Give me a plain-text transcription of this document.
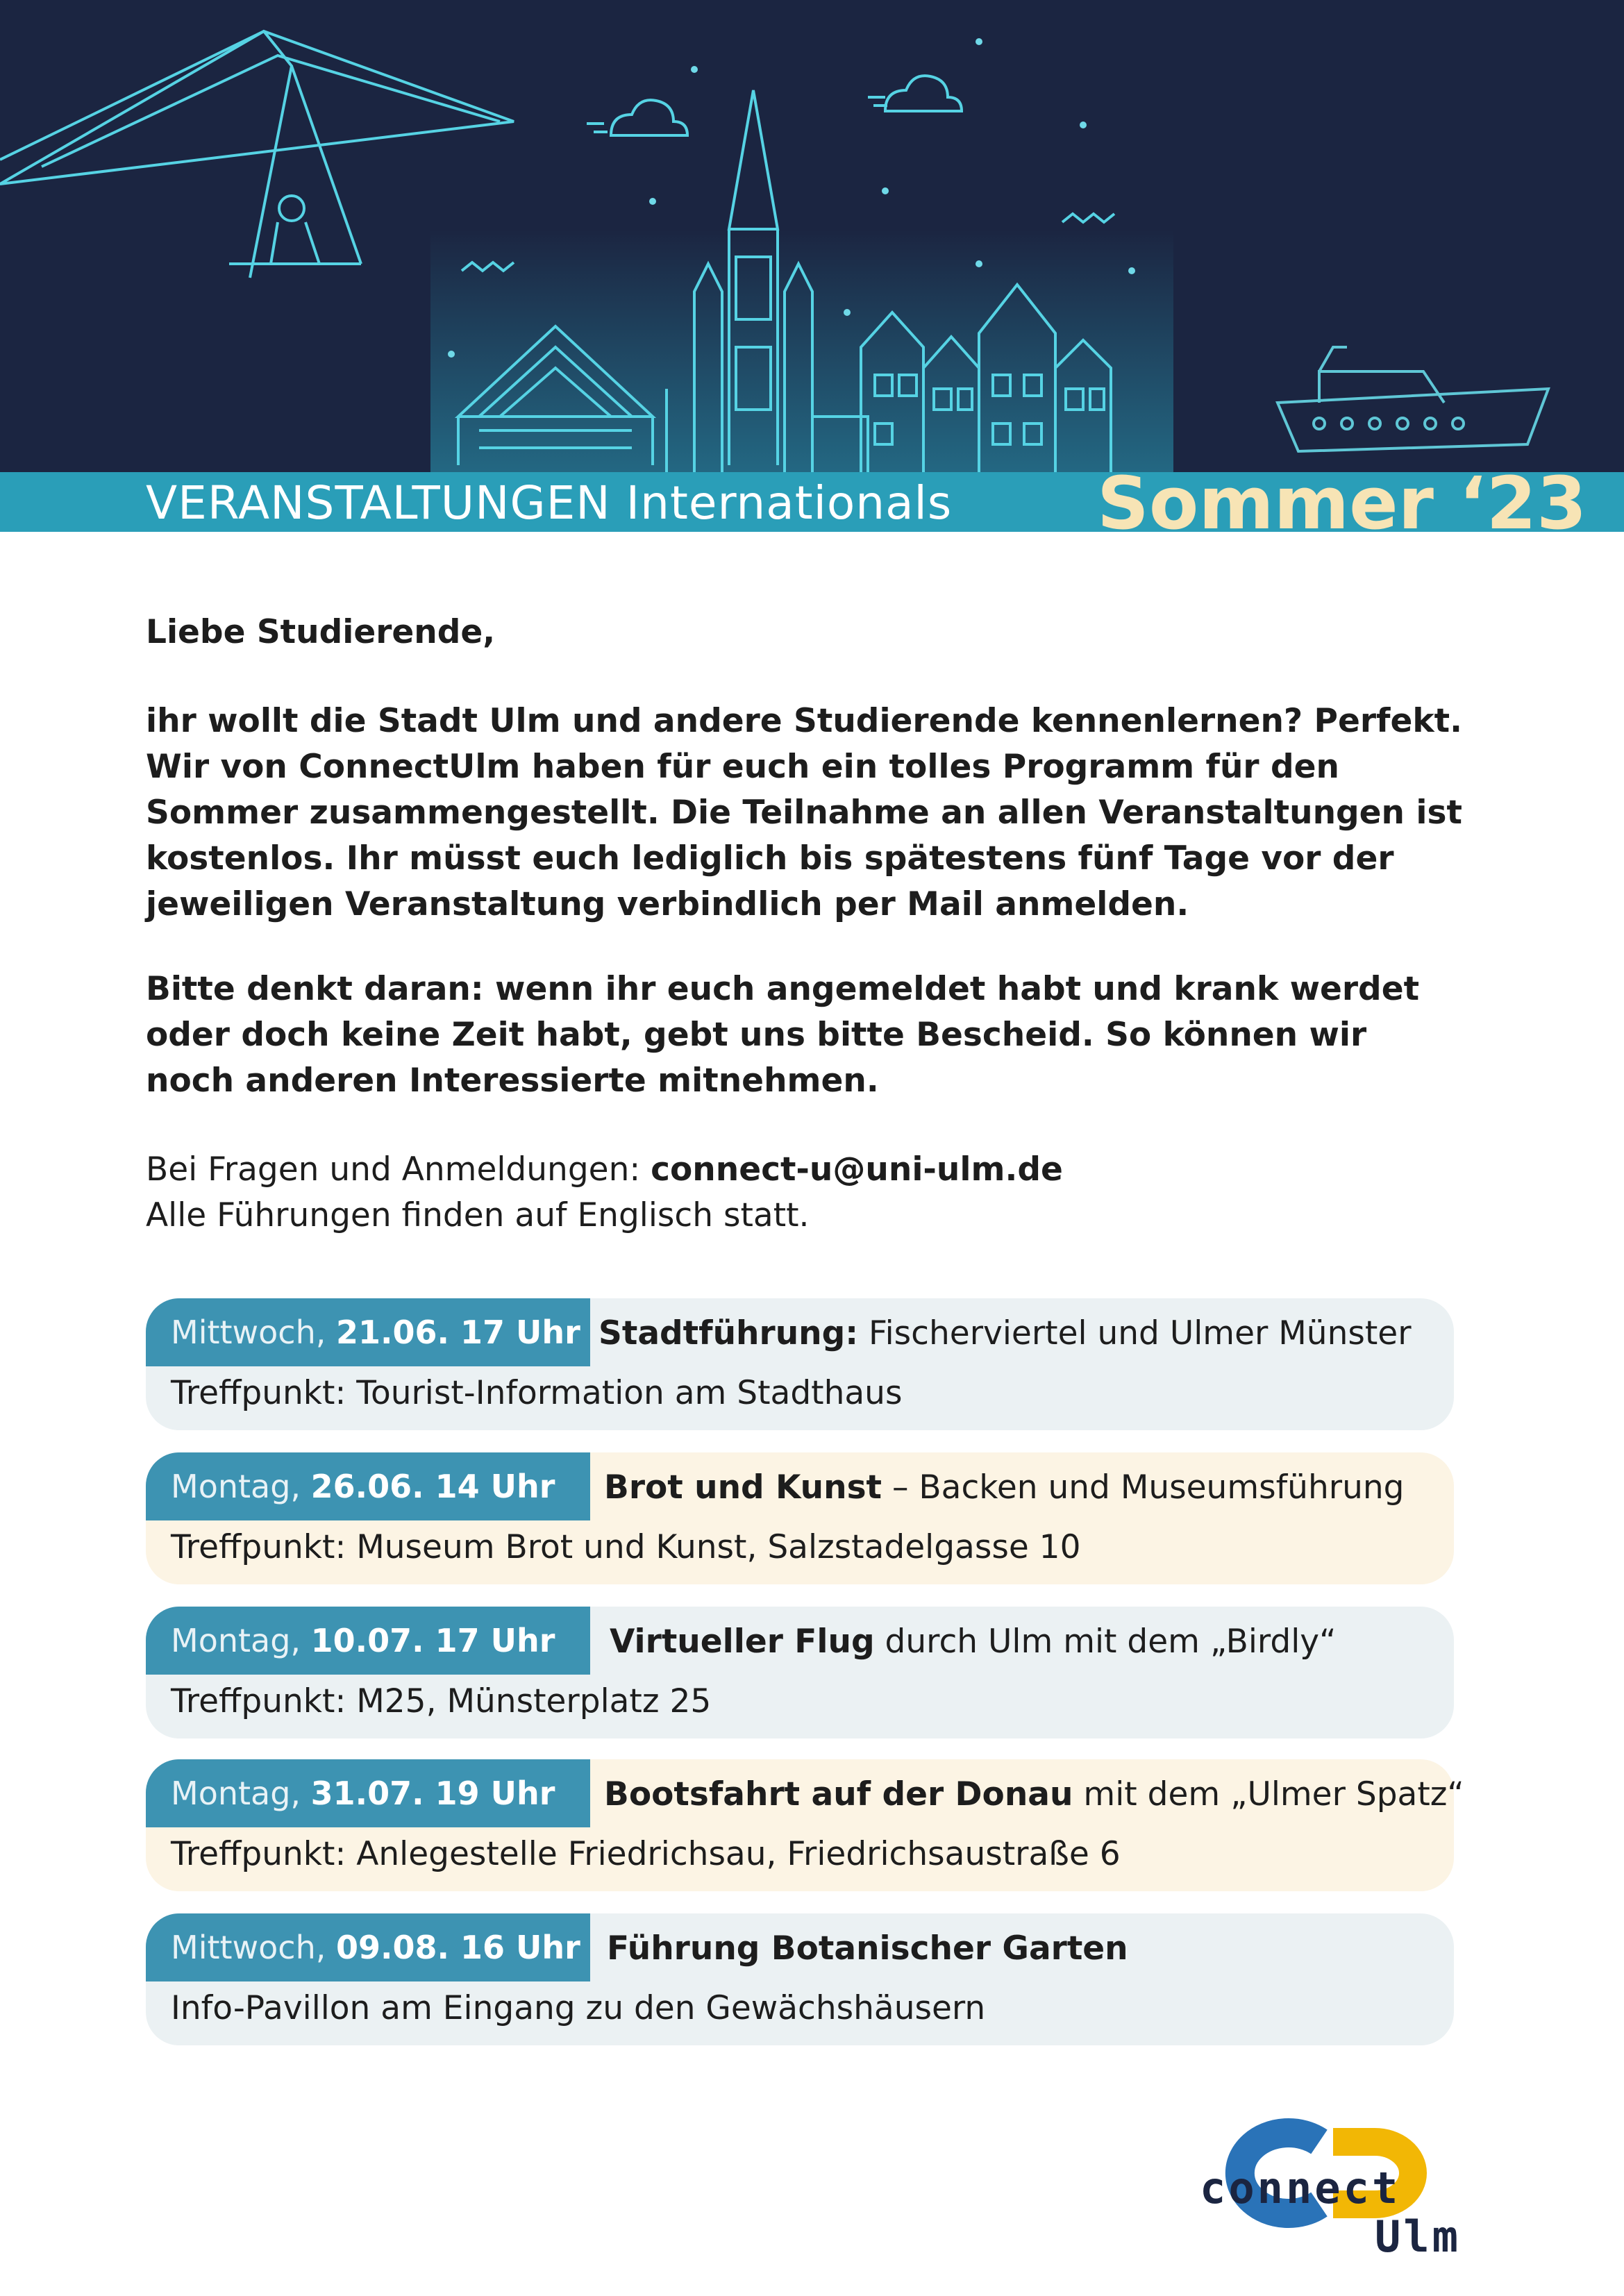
VERANSTALTUNGEN Internationals Sommer ‘23
Liebe Studierende,
ihr wollt die Stadt Ulm und andere Studierende kennenlernen? Perfekt. Wir von ConnectUlm haben für euch ein tolles Programm für den Sommer zusammengestellt. Die Teilnahme an allen Veranstaltungen ist kostenlos. Ihr müsst euch lediglich bis spätestens fünf Tage vor der jeweiligen Veranstaltung verbindlich per Mail anmelden.
Bitte denkt daran: wenn ihr euch angemeldet habt und krank werdet oder doch keine Zeit habt, gebt uns bitte Bescheid. So können wir noch anderen Interessierte mitnehmen.
Bei Fragen und Anmeldungen: connect-u@uni-ulm.de
Alle Führungen finden auf Englisch statt.
Mittwoch, 21.06. 17 Uhr Stadtführung: Fischerviertel und Ulmer Münster
Treffpunkt: Tourist-Information am Stadthaus
Montag, 26.06. 14 Uhr	Brot und Kunst – Backen und Museumsführung
Treffpunkt: Museum Brot und Kunst, Salzstadelgasse 10
Montag, 10.07. 17 Uhr	Virtueller Flug durch Ulm mit dem „Birdly“
Treffpunkt: M25, Münsterplatz 25
Montag, 31.07. 19 Uhr	Bootsfahrt auf der Donau mit dem „Ulmer Spatz“
Treffpunkt: Anlegestelle Friedrichsau, Friedrichsaustraße 6
Mittwoch, 09.08. 16 Uhr Führung Botanischer Garten
Info-Pavillon am Eingang zu den Gewächshäusern
connect
Ulm
